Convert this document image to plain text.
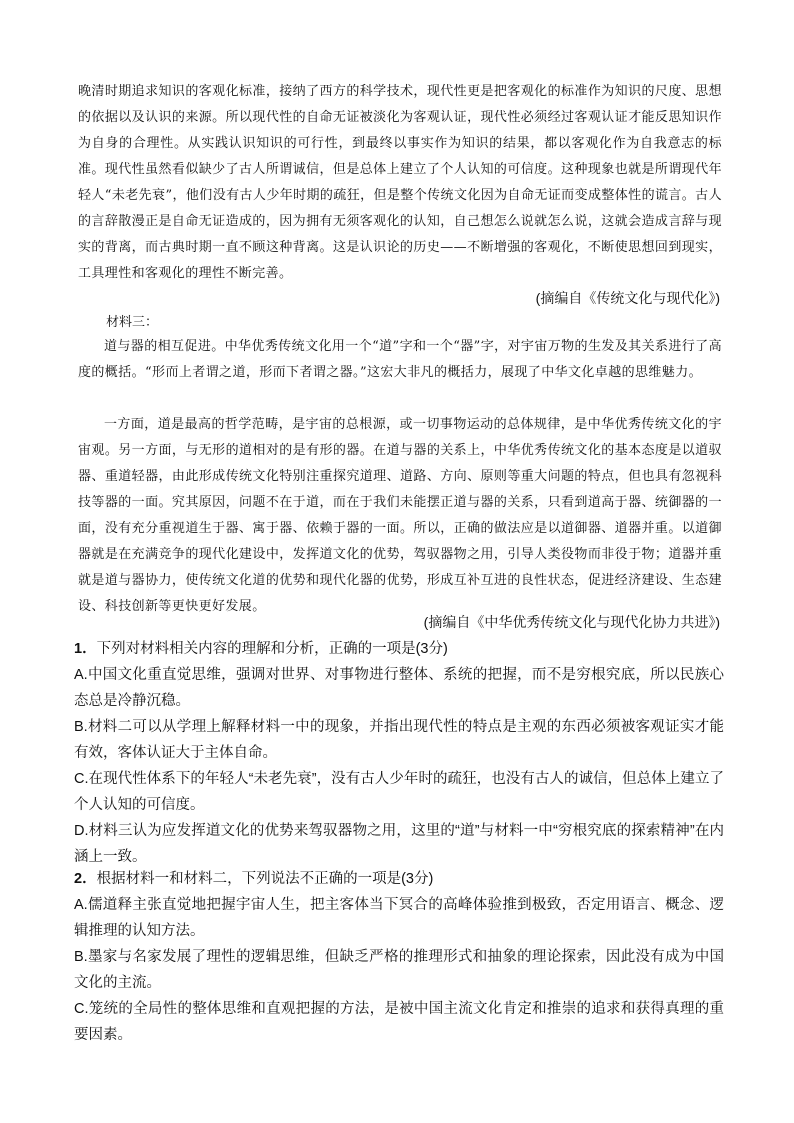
晚清时期追求知识的客观化标准，接纳了西方的科学技术，现代性更是把客观化的标准作为知识的尺度、思想的依据以及认识的来源。所以现代性的自命无证被淡化为客观认证，现代性必须经过客观认证才能反思知识作为自身的合理性。从实践认识知识的可行性，到最终以事实作为知识的结果，都以客观化作为自我意志的标准。现代性虽然看似缺少了古人所谓诚信，但是总体上建立了个人认知的可信度。这种现象也就是所谓现代年轻人“未老先衰”，他们没有古人少年时期的疏狂，但是整个传统文化因为自命无证而变成整体性的谎言。古人的言辞散漫正是自命无证造成的，因为拥有无须客观化的认知，自己想怎么说就怎么说，这就会造成言辞与现实的背离，而古典时期一直不顾这种背离。这是认识论的历史——不断增强的客观化，不断使思想回到现实，工具理性和客观化的理性不断完善。

(摘编自《传统文化与现代化》)

材料三：

道与器的相互促进。中华优秀传统文化用一个“道”字和一个“器”字，对宇宙万物的生发及其关系进行了高度的概括。“形而上者谓之道，形而下者谓之器。”这宏大非凡的概括力，展现了中华文化卓越的思维魅力。

一方面，道是最高的哲学范畴，是宇宙的总根源，或一切事物运动的总体规律，是中华优秀传统文化的宇宙观。另一方面，与无形的道相对的是有形的器。在道与器的关系上，中华优秀传统文化的基本态度是以道驭器、重道轻器，由此形成传统文化特别注重探究道理、道路、方向、原则等重大问题的特点，但也具有忽视科技等器的一面。究其原因，问题不在于道，而在于我们未能摆正道与器的关系，只看到道高于器、统御器的一面，没有充分重视道生于器、寓于器、依赖于器的一面。所以，正确的做法应是以道御器、道器并重。以道御器就是在充满竞争的现代化建设中，发挥道文化的优势，驾驭器物之用，引导人类役物而非役于物；道器并重就是道与器协力，使传统文化道的优势和现代化器的优势，形成互补互进的良性状态，促进经济建设、生态建设、科技创新等更快更好发展。

(摘编自《中华优秀传统文化与现代化协力共进》)

1．下列对材料相关内容的理解和分析，正确的一项是(3分)

A.中国文化重直觉思维，强调对世界、对事物进行整体、系统的把握，而不是穷根究底，所以民族心态总是冷静沉稳。

B.材料二可以从学理上解释材料一中的现象，并指出现代性的特点是主观的东西必须被客观证实才能有效，客体认证大于主体自命。

C.在现代性体系下的年轻人“未老先衰”，没有古人少年时的疏狂，也没有古人的诚信，但总体上建立了个人认知的可信度。

D.材料三认为应发挥道文化的优势来驾驭器物之用，这里的“道”与材料一中“穷根究底的探索精神”在内涵上一致。

2．根据材料一和材料二，下列说法不正确的一项是(3分)

A.儒道释主张直觉地把握宇宙人生，把主客体当下冥合的高峰体验推到极致，否定用语言、概念、逻辑推理的认知方法。

B.墨家与名家发展了理性的逻辑思维，但缺乏严格的推理形式和抽象的理论探索，因此没有成为中国文化的主流。

C.笼统的全局性的整体思维和直观把握的方法，是被中国主流文化肯定和推崇的追求和获得真理的重要因素。
